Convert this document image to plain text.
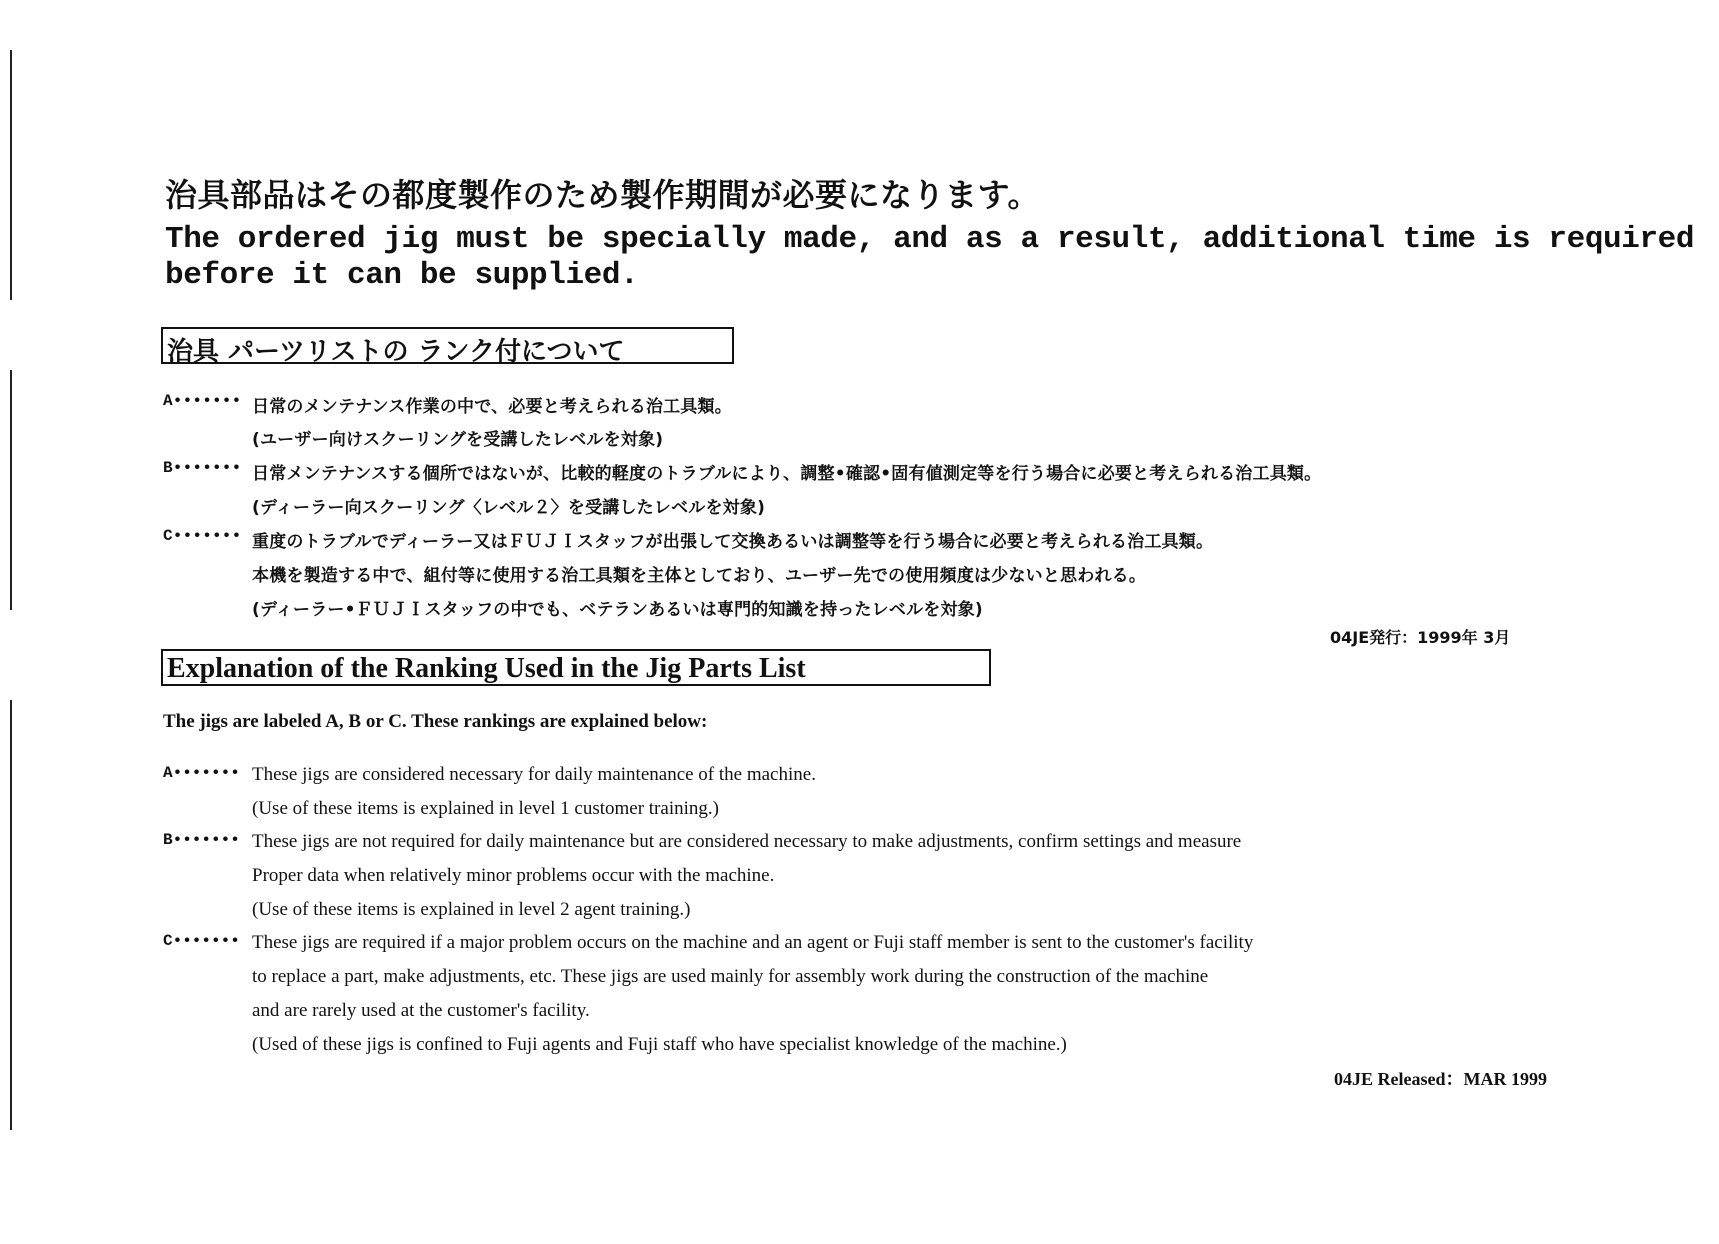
治具部品はその都度製作のため製作期間が必要になります。
The ordered jig must be specially made, and as a result, additional time is required
before it can be supplied.
治具 パーツリストの ランク付について
A••••••• 日常のメンテナンス作業の中で、必要と考えられる治工具類。
(ユーザー向けスクーリングを受講したレベルを対象)
B••••••• 日常メンテナンスする個所ではないが、比較的軽度のトラブルにより、調整•確認•固有値測定等を行う場合に必要と考えられる治工具類。
(ディーラー向スクーリング〈レベル２〉を受講したレベルを対象)
C••••••• 重度のトラブルでディーラー又はＦＵＪＩスタッフが出張して交換あるいは調整等を行う場合に必要と考えられる治工具類。
本機を製造する中で、組付等に使用する治工具類を主体としており、ユーザー先での使用頻度は少ないと思われる。
(ディーラー•ＦＵＪＩスタッフの中でも、ベテランあるいは専門的知識を持ったレベルを対象)
04JE発行：1999年 3月
Explanation of the Ranking Used in the Jig Parts List
The jigs are labeled A, B or C. These rankings are explained below:
A••••••• These jigs are considered necessary for daily maintenance of the machine.
(Use of these items is explained in level 1 customer training.)
B••••••• These jigs are not required for daily maintenance but are considered necessary to make adjustments, confirm settings and measure
Proper data when relatively minor problems occur with the machine.
(Use of these items is explained in level 2 agent training.)
C••••••• These jigs are required if a major problem occurs on the machine and an agent or Fuji staff member is sent to the customer's facility
to replace a part, make adjustments, etc. These jigs are used mainly for assembly work during the construction of the machine
and are rarely used at the customer's facility.
(Used of these jigs is confined to Fuji agents and Fuji staff who have specialist knowledge of the machine.)
04JE Released：MAR 1999
